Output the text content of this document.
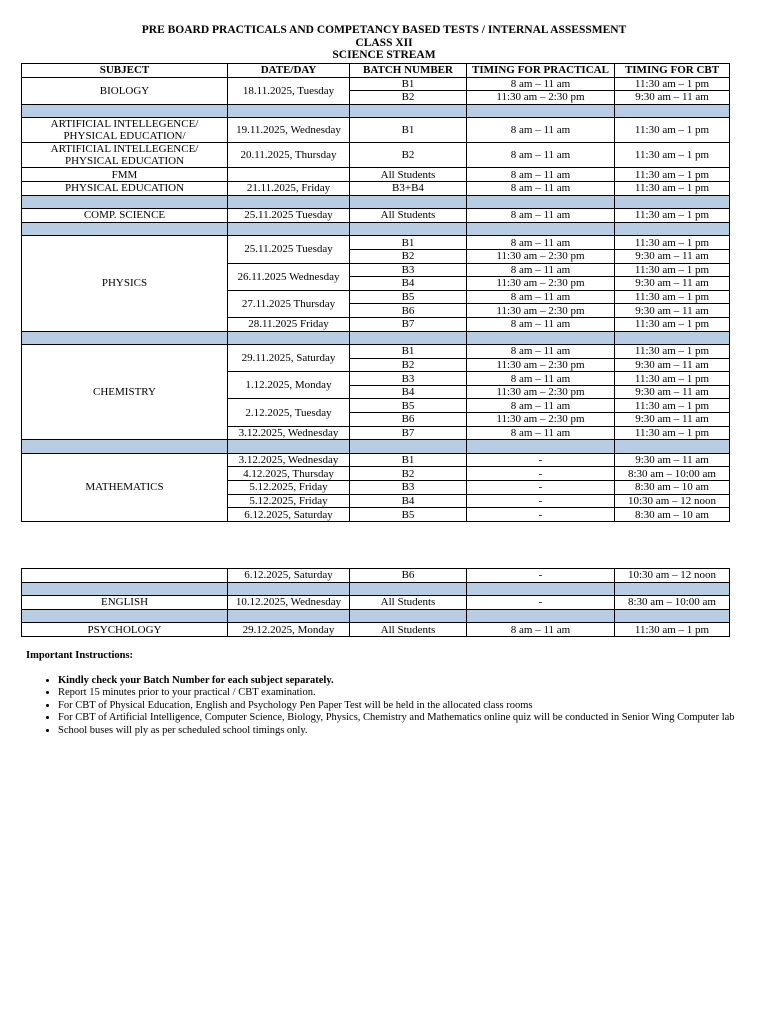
PRE BOARD PRACTICALS AND COMPETANCY BASED TESTS / INTERNAL ASSESSMENT
CLASS XII
SCIENCE STREAM
SUBJECT	DATE/DAY	BATCH NUMBER	TIMING FOR PRACTICAL	TIMING FOR CBT
BIOLOGY	18.11.2025, Tuesday	B1	8 am – 11 am	11:30 am – 1 pm
		B2	11:30 am – 2:30 pm	9:30 am – 11 am

ARTIFICIAL INTELLEGENCE/ PHYSICAL EDUCATION/	19.11.2025, Wednesday	B1	8 am – 11 am	11:30 am – 1 pm
ARTIFICIAL INTELLEGENCE/ PHYSICAL EDUCATION	20.11.2025, Thursday	B2	8 am – 11 am	11:30 am – 1 pm
FMM		All Students	8 am – 11 am	11:30 am – 1 pm
PHYSICAL EDUCATION	21.11.2025, Friday	B3+B4	8 am – 11 am	11:30 am – 1 pm

COMP. SCIENCE	25.11.2025 Tuesday	All Students	8 am – 11 am	11:30 am – 1 pm

PHYSICS	25.11.2025 Tuesday	B1	8 am – 11 am	11:30 am – 1 pm
		B2	11:30 am – 2:30 pm	9:30 am – 11 am
	26.11.2025 Wednesday	B3	8 am – 11 am	11:30 am – 1 pm
		B4	11:30 am – 2:30 pm	9:30 am – 11 am
	27.11.2025 Thursday	B5	8 am – 11 am	11:30 am – 1 pm
		B6	11:30 am – 2:30 pm	9:30 am – 11 am
	28.11.2025 Friday	B7	8 am – 11 am	11:30 am – 1 pm

CHEMISTRY	29.11.2025, Saturday	B1	8 am – 11 am	11:30 am – 1 pm
		B2	11:30 am – 2:30 pm	9:30 am – 11 am
	1.12.2025, Monday	B3	8 am – 11 am	11:30 am – 1 pm
		B4	11:30 am – 2:30 pm	9:30 am – 11 am
	2.12.2025, Tuesday	B5	8 am – 11 am	11:30 am – 1 pm
		B6	11:30 am – 2:30 pm	9:30 am – 11 am
	3.12.2025, Wednesday	B7	8 am – 11 am	11:30 am – 1 pm

MATHEMATICS	3.12.2025, Wednesday	B1	-	9:30 am – 11 am
	4.12.2025, Thursday	B2	-	8:30 am – 10:00 am
	5.12.2025, Friday	B3	-	8:30 am – 10 am
	5.12.2025, Friday	B4	-	10:30 am – 12 noon
	6.12.2025, Saturday	B5	-	8:30 am – 10 am
	6.12.2025, Saturday	B6	-	10:30 am – 12 noon

ENGLISH	10.12.2025, Wednesday	All Students	-	8:30 am – 10:00 am

PSYCHOLOGY	29.12.2025, Monday	All Students	8 am – 11 am	11:30 am – 1 pm
Important Instructions:
• Kindly check your Batch Number for each subject separately.
• Report 15 minutes prior to your practical / CBT examination.
• For CBT of Physical Education, English and Psychology Pen Paper Test will be held in the allocated class rooms
• For CBT of Artificial Intelligence, Computer Science, Biology, Physics, Chemistry and Mathematics online quiz will be conducted in Senior Wing Computer lab
• School buses will ply as per scheduled school timings only.
